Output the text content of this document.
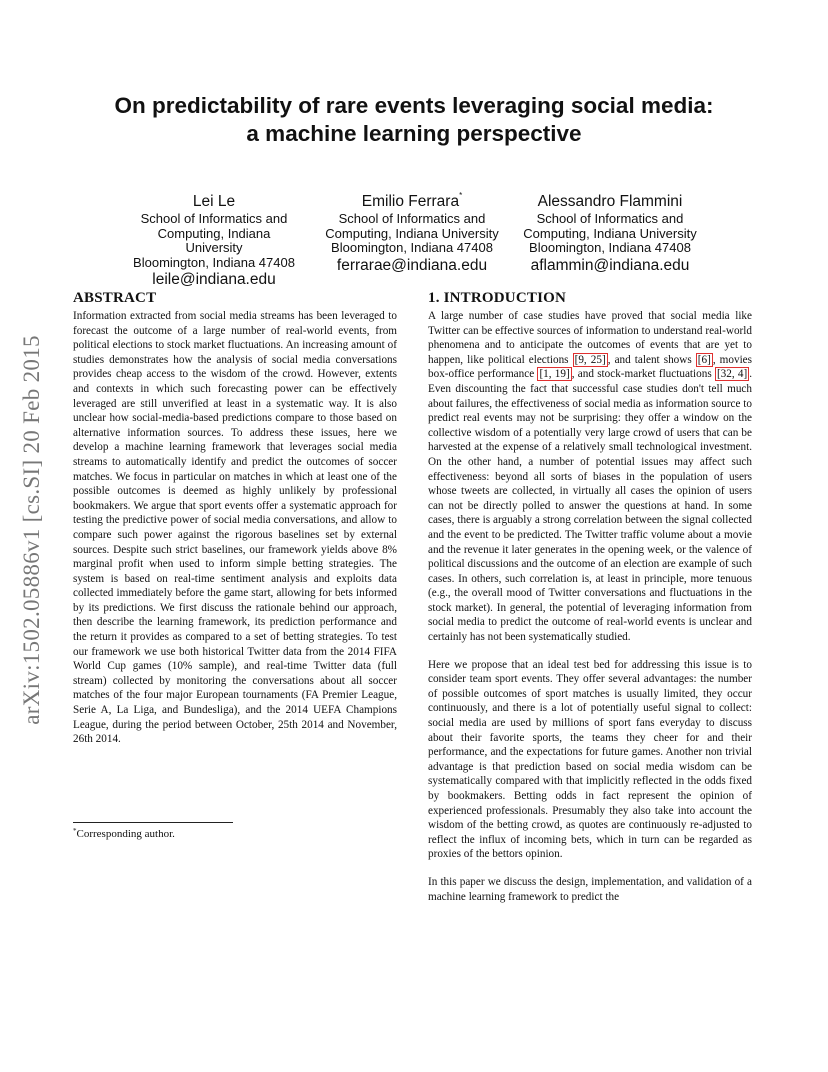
arXiv:1502.05886v1 [cs.SI] 20 Feb 2015
On predictability of rare events leveraging social media:
a machine learning perspective
Lei Le
School of Informatics and
Computing, Indiana University
Bloomington, Indiana 47408
leile@indiana.edu
Emilio Ferrara*
School of Informatics and
Computing, Indiana University
Bloomington, Indiana 47408
ferrarae@indiana.edu
Alessandro Flammini
School of Informatics and
Computing, Indiana University
Bloomington, Indiana 47408
aflammin@indiana.edu
ABSTRACT

Information extracted from social media streams has been leveraged to forecast the outcome of a large number of real-world events, from political elections to stock market fluctuations. An increasing amount of studies demonstrates how the analysis of social media conversations provides cheap access to the wisdom of the crowd. However, extents and contexts in which such forecasting power can be effectively leveraged are still unverified at least in a systematic way. It is also unclear how social-media-based predictions compare to those based on alternative information sources. To address these issues, here we develop a machine learning framework that leverages social media streams to automatically identify and predict the outcomes of soccer matches. We focus in particular on matches in which at least one of the possible outcomes is deemed as highly unlikely by professional bookmakers. We argue that sport events offer a systematic approach for testing the predictive power of social media conversations, and allow to compare such power against the rigorous baselines set by external sources. Despite such strict baselines, our framework yields above 8% marginal profit when used to inform simple betting strategies. The system is based on real-time sentiment analysis and exploits data collected immediately before the game start, allowing for bets informed by its predictions. We first discuss the rationale behind our approach, then describe the learning framework, its prediction performance and the return it provides as compared to a set of betting strategies. To test our framework we use both historical Twitter data from the 2014 FIFA World Cup games (10% sample), and real-time Twitter data (full stream) collected by monitoring the conversations about all soccer matches of the four major European tournaments (FA Premier League, Serie A, La Liga, and Bundesliga), and the 2014 UEFA Champions League, during the period between October, 25th 2014 and November, 26th 2014.

*Corresponding author.
1. INTRODUCTION

A large number of case studies have proved that social media like Twitter can be effective sources of information to understand real-world phenomena and to anticipate the outcomes of events that are yet to happen, like political elections [9, 25] , and talent shows [6] , movies box-office performance [1, 19] , and stock-market fluctuations [32, 4] . Even discounting the fact that successful case studies don't tell much about failures, the effectiveness of social media as information source to predict real events may not be surprising: they offer a window on the collective wisdom of a potentially very large crowd of users that can be harvested at the expense of a relatively small technological investment. On the other hand, a number of potential issues may affect such effectiveness: beyond all sorts of biases in the population of users whose tweets are collected, in virtually all cases the opinion of users can not be directly polled to answer the questions at hand. In some cases, there is arguably a strong correlation between the signal collected and the event to be predicted. The Twitter traffic volume about a movie and the revenue it later generates in the opening week, or the valence of political discussions and the outcome of an election are example of such cases. In others, such correlation is, at least in principle, more tenuous (e.g., the overall mood of Twitter conversations and fluctuations in the stock market). In general, the potential of leveraging information from social media to predict the outcome of real-world events is unclear and certainly has not been systematically studied.

Here we propose that an ideal test bed for addressing this issue is to consider team sport events. They offer several advantages: the number of possible outcomes of sport matches is usually limited, they occur continuously, and there is a lot of potentially useful signal to collect: social media are used by millions of sport fans everyday to discuss about their favorite sports, the teams they cheer for and their performance, and the expectations for future games. Another non trivial advantage is that prediction based on social media wisdom can be systematically compared with that implicitly reflected in the odds fixed by bookmakers. Betting odds in fact represent the opinion of experienced professionals. Presumably they also take into account the wisdom of the betting crowd, as quotes are continuously re-adjusted to reflect the influx of incoming bets, which in turn can be regarded as proxies of the bettors opinion.

In this paper we discuss the design, implementation, and validation of a machine learning framework to predict the
